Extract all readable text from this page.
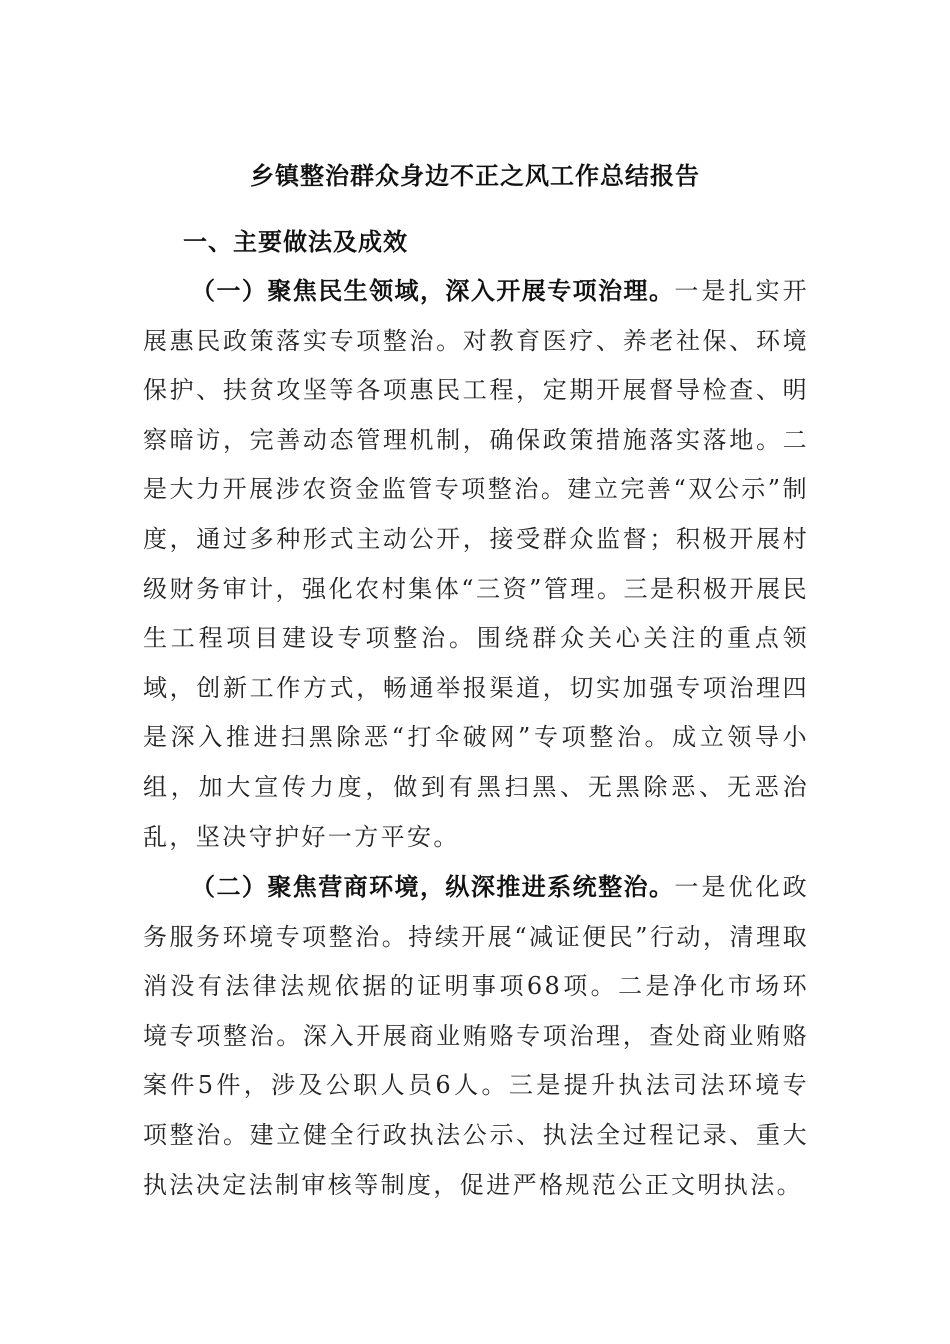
乡镇整治群众身边不正之风工作总结报告
一、主要做法及成效

（一）聚焦民生领域，深入开展专项治理。一是扎实开展惠民政策落实专项整治。对教育医疗、养老社保、环境保护、扶贫攻坚等各项惠民工程，定期开展督导检查、明察暗访，完善动态管理机制，确保政策措施落实落地。二是大力开展涉农资金监管专项整治。建立完善“双公示”制度，通过多种形式主动公开，接受群众监督；积极开展村级财务审计，强化农村集体“三资”管理。三是积极开展民生工程项目建设专项整治。围绕群众关心关注的重点领域，创新工作方式，畅通举报渠道，切实加强专项治理四是深入推进扫黑除恶“打伞破网”专项整治。成立领导小组，加大宣传力度，做到有黑扫黑、无黑除恶、无恶治乱，坚决守护好一方平安。

（二）聚焦营商环境，纵深推进系统整治。一是优化政务服务环境专项整治。持续开展“减证便民”行动，清理取消没有法律法规依据的证明事项68项。二是净化市场环境专项整治。深入开展商业贿赂专项治理，查处商业贿赂案件5件，涉及公职人员6人。三是提升执法司法环境专项整治。建立健全行政执法公示、执法全过程记录、重大执法决定法制审核等制度，促进严格规范公正文明执法。
